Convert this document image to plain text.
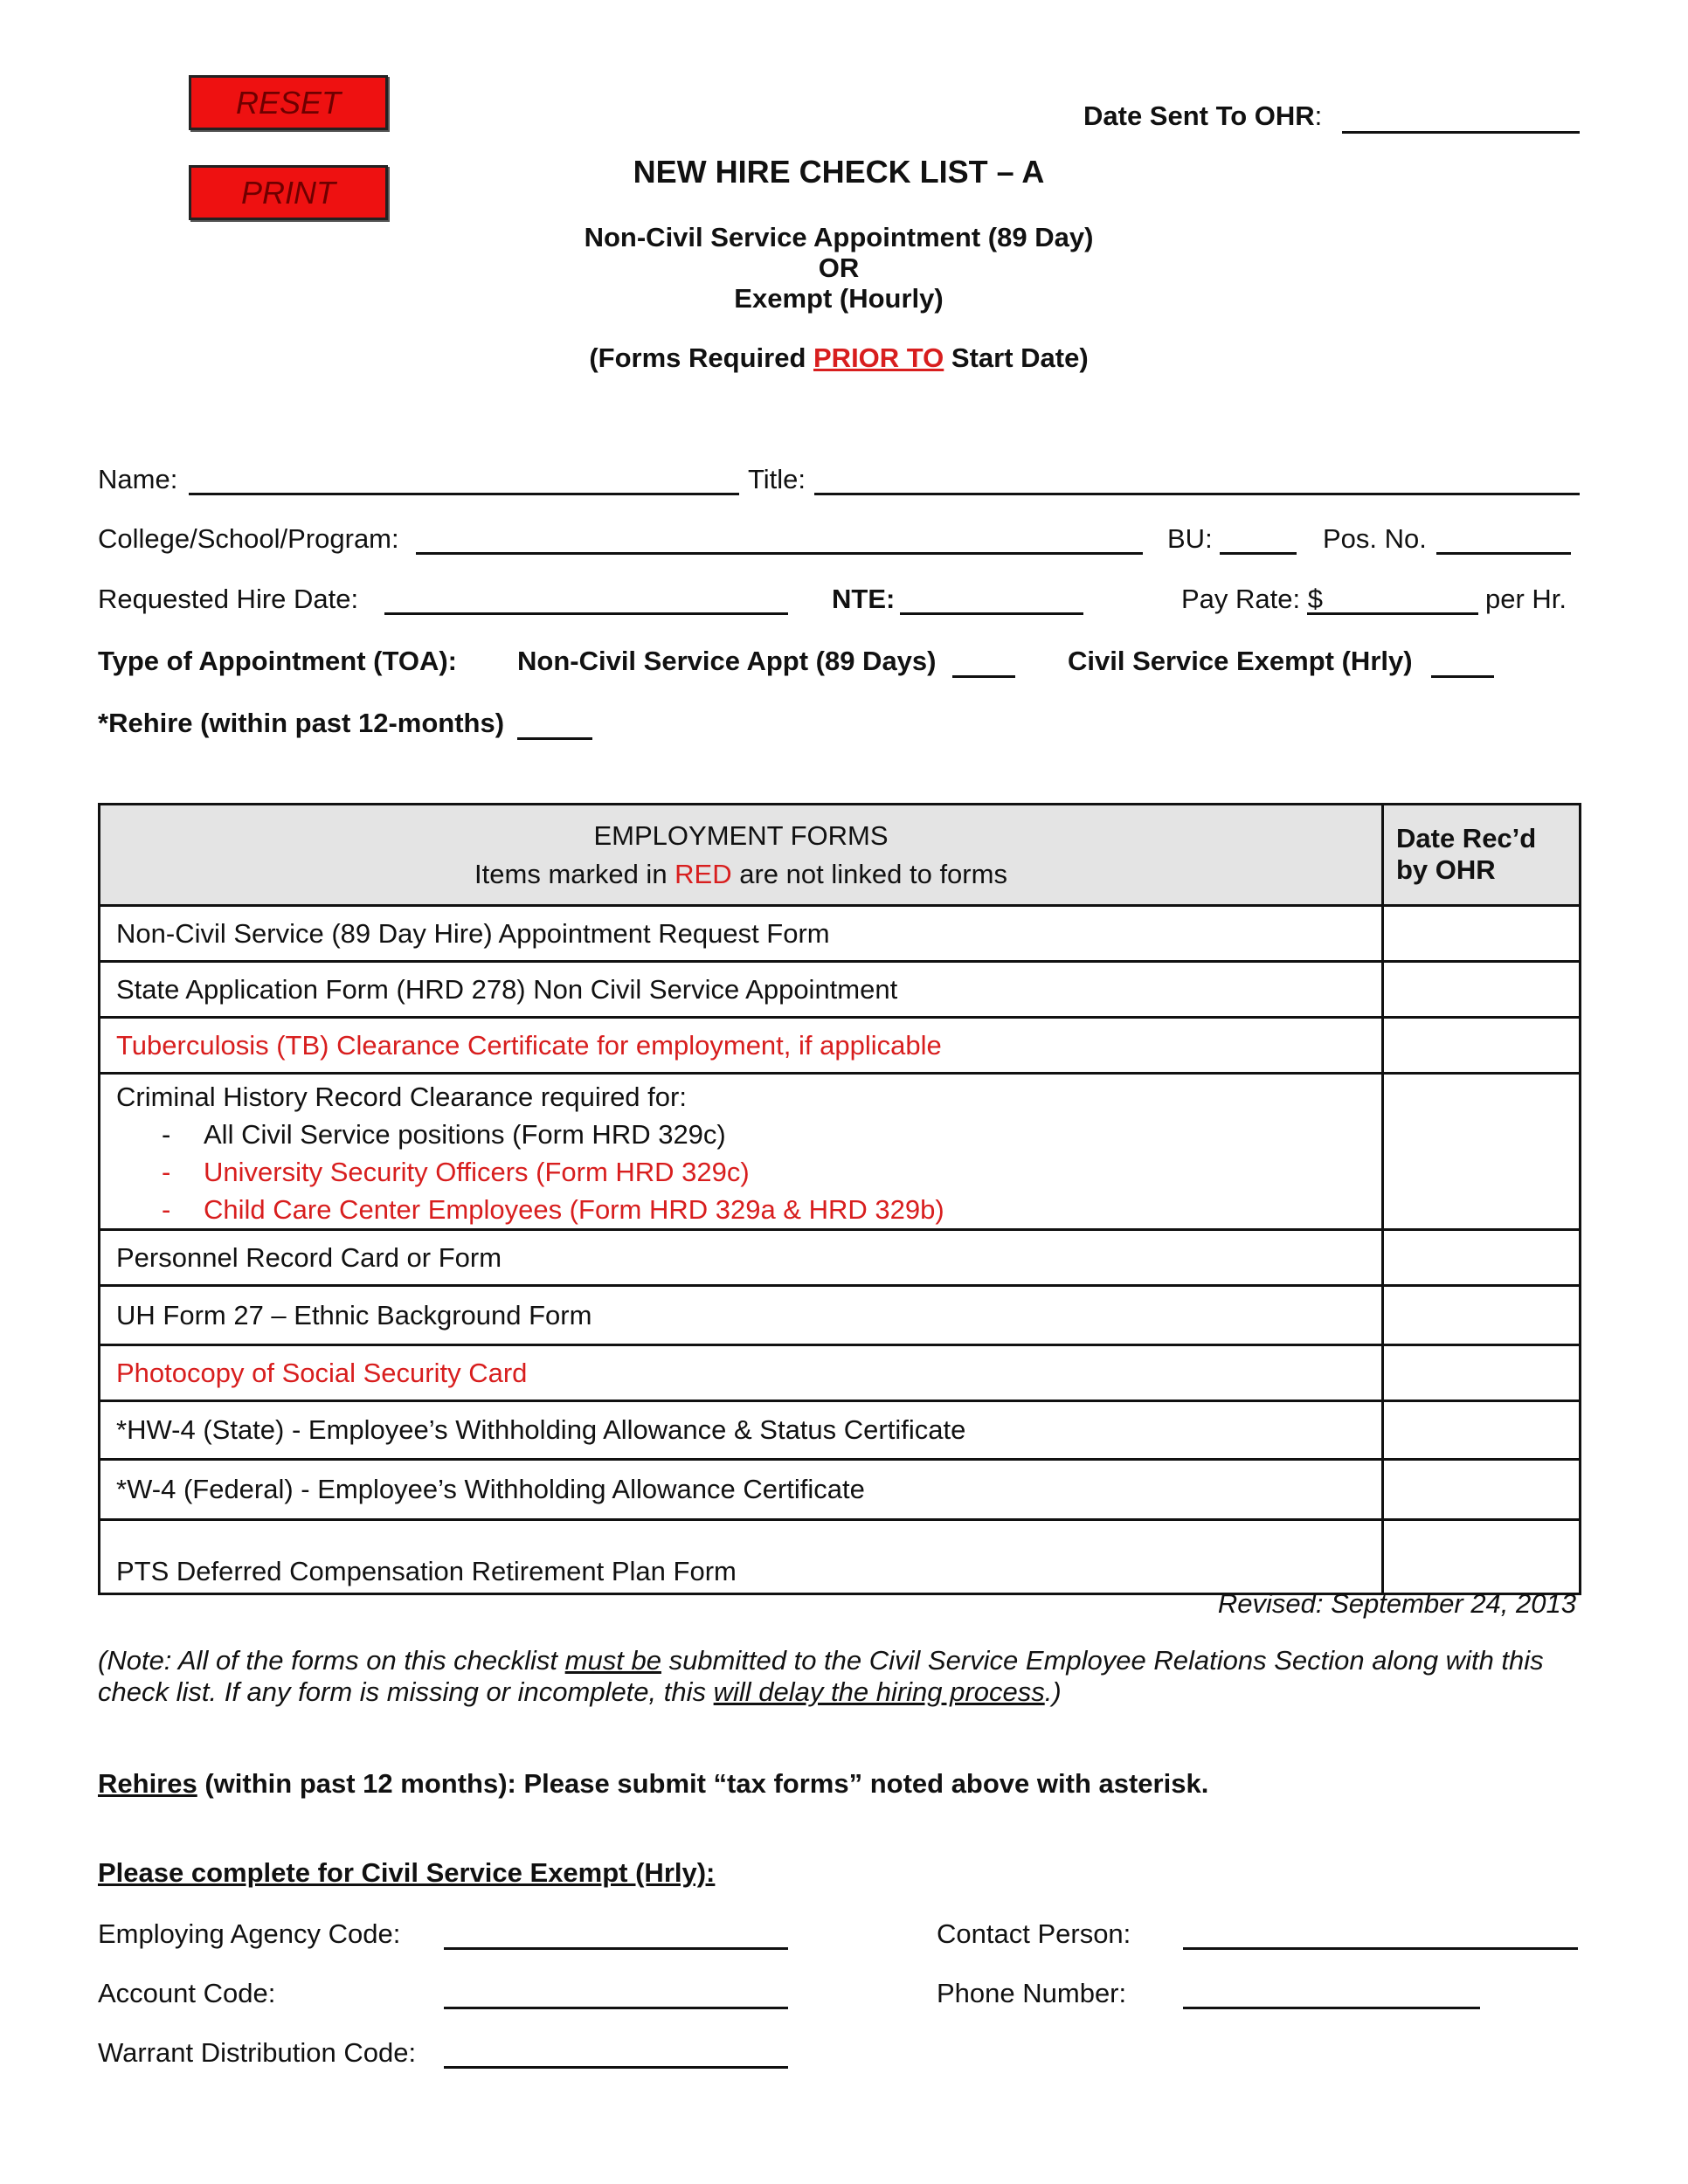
RESET
PRINT
Date Sent To OHR:
NEW HIRE CHECK LIST – A
Non-Civil Service Appointment (89 Day)
OR
Exempt (Hourly)
(Forms Required PRIOR TO Start Date)
Name:	Title:
College/School/Program:	BU:	Pos. No.
Requested Hire Date:	NTE:	Pay Rate: $	per Hr.
Type of Appointment (TOA): Non-Civil Service Appt (89 Days)	Civil Service Exempt (Hrly)
*Rehire (within past 12-months)
EMPLOYMENT FORMS
Items marked in RED are not linked to forms	Date Rec’d by OHR
Non-Civil Service (89 Day Hire) Appointment Request Form	
State Application Form (HRD 278) Non Civil Service Appointment	
Tuberculosis (TB) Clearance Certificate for employment, if applicable	

Criminal History Record Clearance required for:
- All Civil Service positions (Form HRD 329c)
- University Security Officers (Form HRD 329c)
- Child Care Center Employees (Form HRD 329a & HRD 329b)

Personnel Record Card or Form	
UH Form 27 – Ethnic Background Form	
Photocopy of Social Security Card	
*HW-4 (State) - Employee’s Withholding Allowance & Status Certificate	
*W-4 (Federal) - Employee’s Withholding Allowance Certificate	
PTS Deferred Compensation Retirement Plan Form	
Revised: September 24, 2013
(Note: All of the forms on this checklist must be submitted to the Civil Service Employee Relations Section along with this check list. If any form is missing or incomplete, this will delay the hiring process.)
Rehires (within past 12 months): Please submit “tax forms” noted above with asterisk.
Please complete for Civil Service Exempt (Hrly):
Employing Agency Code:	Contact Person:
Account Code:	Phone Number:
Warrant Distribution Code:
